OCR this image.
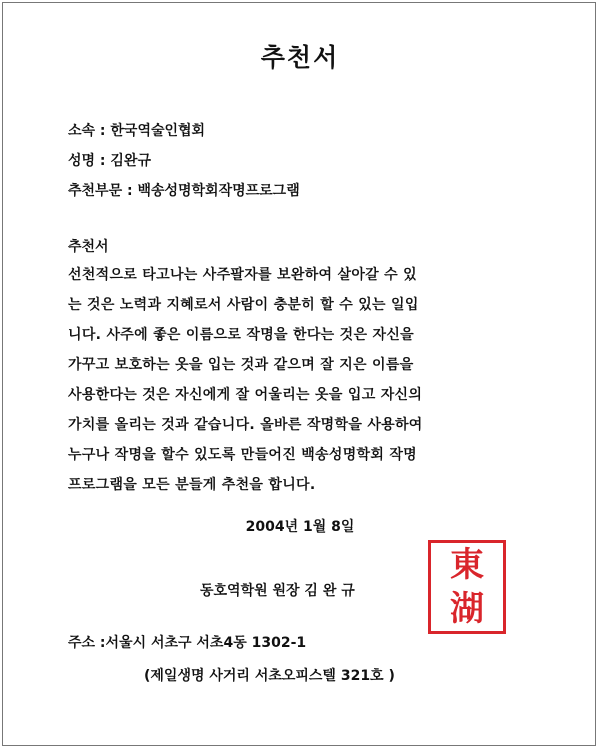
추천서
소속 : 한국역술인협회
성명 : 김완규
추천부문 : 백송성명학회작명프로그램
추천서
선천적으로 타고나는 사주팔자를 보완하여 살아갈 수 있
는 것은 노력과 지혜로서 사람이 충분히 할 수 있는 일입
니다. 사주에 좋은 이름으로 작명을 한다는 것은 자신을
가꾸고 보호하는 옷을 입는 것과 같으며 잘 지은 이름을
사용한다는 것은 자신에게 잘 어울리는 옷을 입고 자신의
가치를 올리는 것과 같습니다. 올바른 작명학을 사용하여
누구나 작명을 할수 있도록 만들어진 백송성명학회 작명
프로그램을 모든 분들게 추천을 합니다.
2004년 1월 8일
동호역학원 원장 김 완 규
東
湖
주소 :서울시 서초구 서초4동 1302-1
(제일생명 사거리 서초오피스텔 321호 )
